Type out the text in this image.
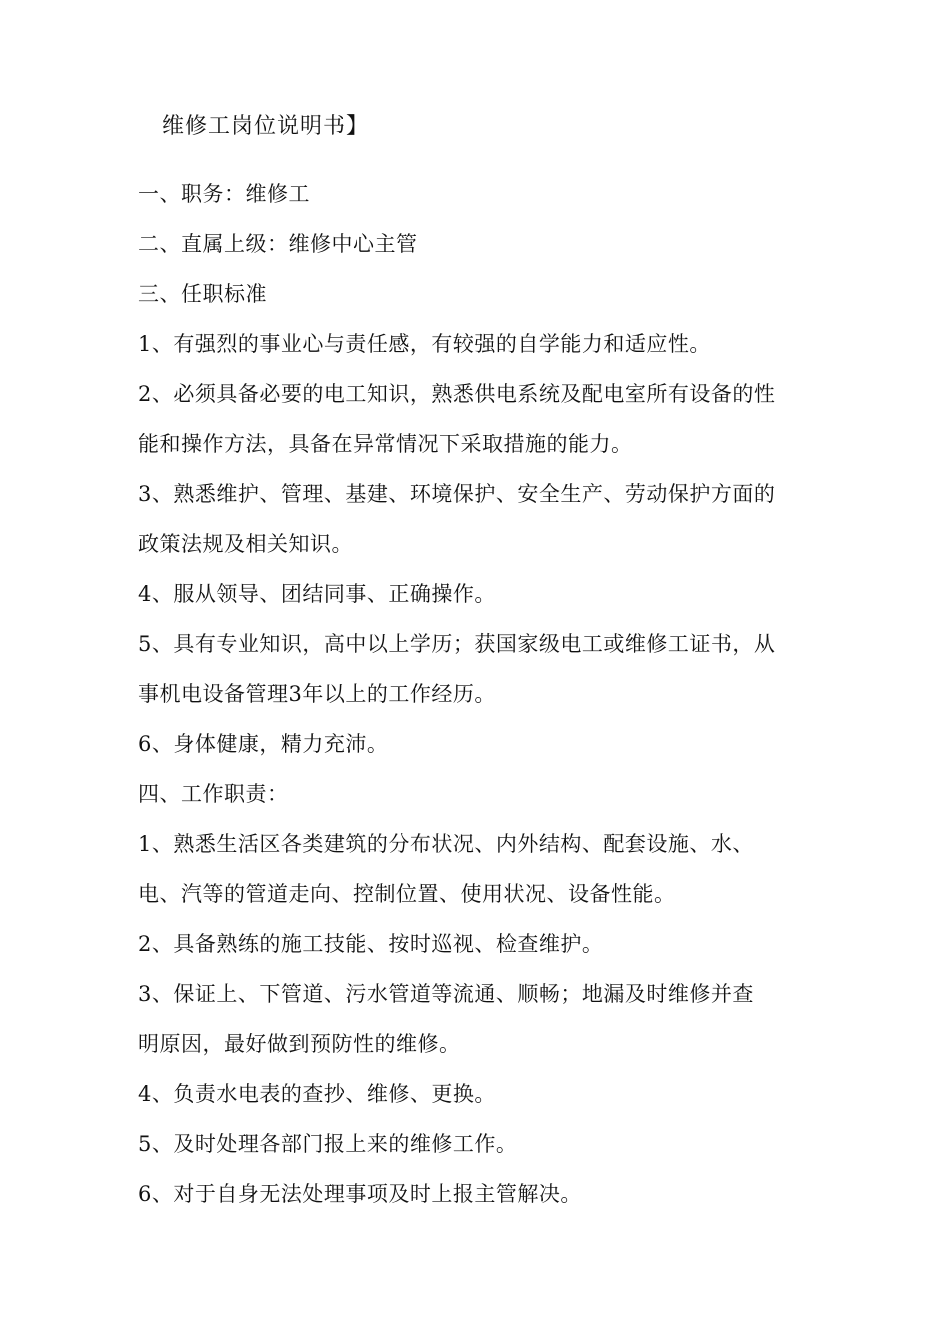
维修工岗位说明书】
一、职务：维修工
二、直属上级：维修中心主管
三、任职标准
1、有强烈的事业心与责任感，有较强的自学能力和适应性。
2、必须具备必要的电工知识，熟悉供电系统及配电室所有设备的性
能和操作方法，具备在异常情况下采取措施的能力。
3、熟悉维护、管理、基建、环境保护、安全生产、劳动保护方面的
政策法规及相关知识。
4、服从领导、团结同事、正确操作。
5、具有专业知识，高中以上学历；获国家级电工或维修工证书，从
事机电设备管理3年以上的工作经历。
6、身体健康，精力充沛。
四、工作职责：
1、熟悉生活区各类建筑的分布状况、内外结构、配套设施、水、
电、汽等的管道走向、控制位置、使用状况、设备性能。
2、具备熟练的施工技能、按时巡视、检查维护。
3、保证上、下管道、污水管道等流通、顺畅；地漏及时维修并查
明原因，最好做到预防性的维修。
4、负责水电表的查抄、维修、更换。
5、及时处理各部门报上来的维修工作。
6、对于自身无法处理事项及时上报主管解决。
